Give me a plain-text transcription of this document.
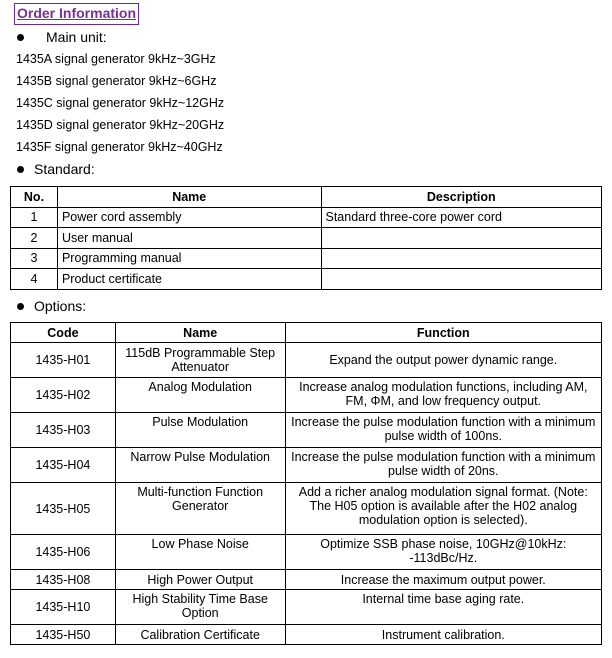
Order Information
Main unit:
1435A signal generator 9kHz~3GHz
1435B signal generator 9kHz~6GHz
1435C signal generator 9kHz~12GHz
1435D signal generator 9kHz~20GHz
1435F signal generator 9kHz~40GHz
Standard:
No.	Name	Description
1	Power cord assembly	Standard three-core power cord
2	User manual	
3	Programming manual	
4	Product certificate	
Options:
Code	Name	Function
1435-H01	115dB Programmable Step Attenuator	Expand the output power dynamic range.
1435-H02	Analog Modulation	Increase analog modulation functions, including AM, FM, ΦM, and low frequency output.
1435-H03	Pulse Modulation	Increase the pulse modulation function with a minimum pulse width of 100ns.
1435-H04	Narrow Pulse Modulation	Increase the pulse modulation function with a minimum pulse width of 20ns.
1435-H05	Multi-function Function Generator	Add a richer analog modulation signal format. (Note: The H05 option is available after the H02 analog modulation option is selected).
1435-H06	Low Phase Noise	Optimize SSB phase noise, 10GHz@10kHz: -113dBc/Hz.
1435-H08	High Power Output	Increase the maximum output power.
1435-H10	High Stability Time Base Option	Internal time base aging rate.
1435-H50	Calibration Certificate	Instrument calibration.
